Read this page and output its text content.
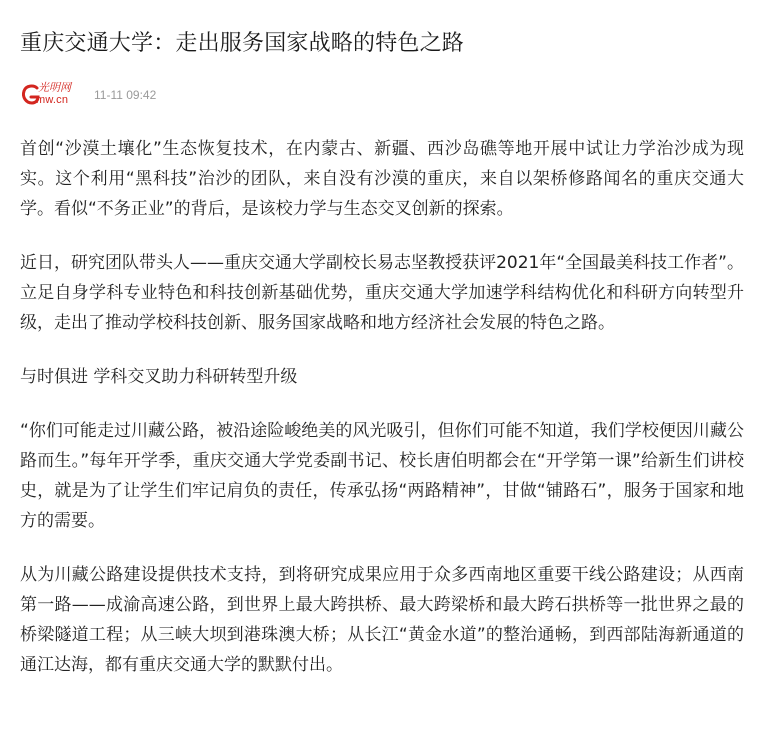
重庆交通大学：走出服务国家战略的特色之路
光明网
mw.cn 11-11 09:42

首创“沙漠土壤化”生态恢复技术，在内蒙古、新疆、西沙岛礁等地开展中试让力学治沙成为现实。这个利用“黑科技”治沙的团队，来自没有沙漠的重庆，来自以架桥修路闻名的重庆交通大学。看似“不务正业”的背后，是该校力学与生态交叉创新的探索。

近日，研究团队带头人——重庆交通大学副校长易志坚教授获评2021年“全国最美科技工作者”。立足自身学科专业特色和科技创新基础优势，重庆交通大学加速学科结构优化和科研方向转型升级，走出了推动学校科技创新、服务国家战略和地方经济社会发展的特色之路。

与时俱进 学科交叉助力科研转型升级

“你们可能走过川藏公路，被沿途险峻绝美的风光吸引，但你们可能不知道，我们学校便因川藏公路而生。”每年开学季，重庆交通大学党委副书记、校长唐伯明都会在“开学第一课”给新生们讲校史，就是为了让学生们牢记肩负的责任，传承弘扬“两路精神”，甘做“铺路石”，服务于国家和地方的需要。

从为川藏公路建设提供技术支持，到将研究成果应用于众多西南地区重要干线公路建设；从西南第一路——成渝高速公路，到世界上最大跨拱桥、最大跨梁桥和最大跨石拱桥等一批世界之最的桥梁隧道工程；从三峡大坝到港珠澳大桥；从长江“黄金水道”的整治通畅，到西部陆海新通道的通江达海，都有重庆交通大学的默默付出。
